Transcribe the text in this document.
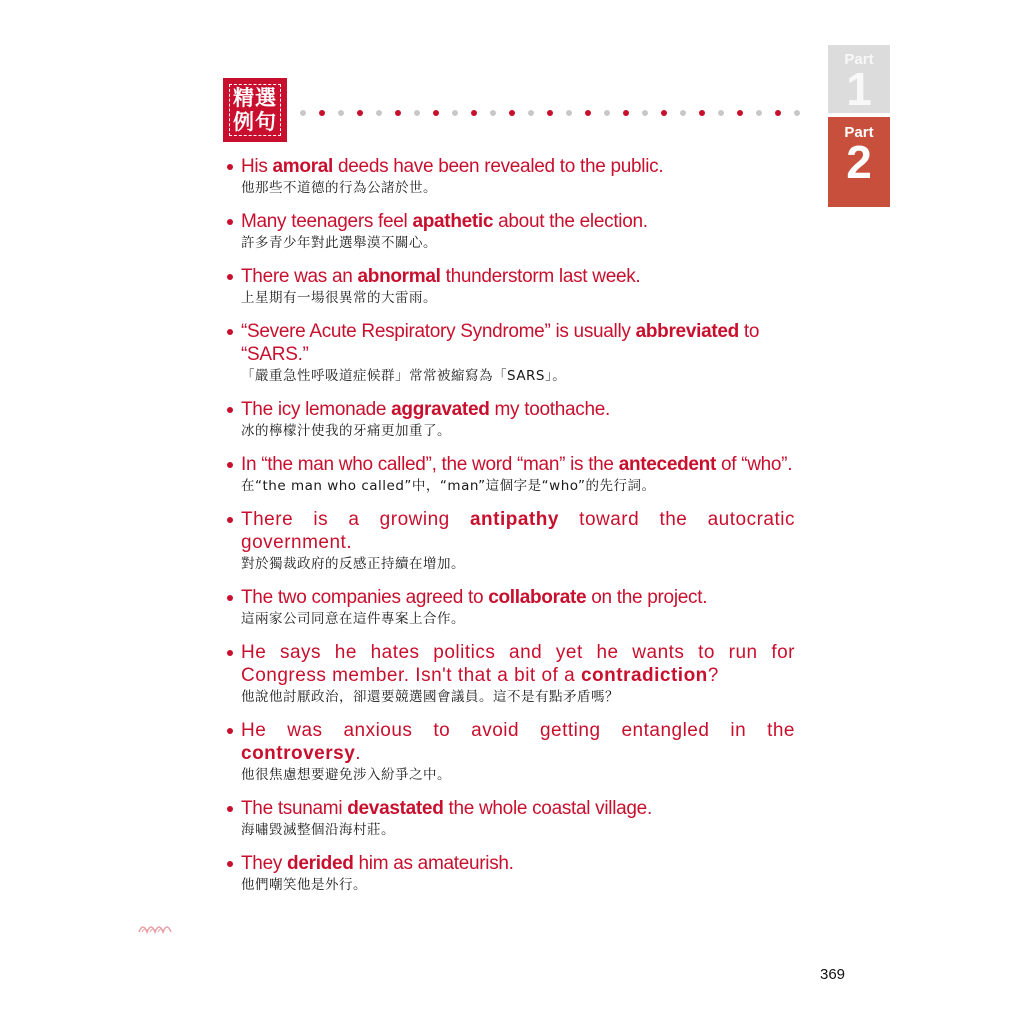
精選
例句
Part
1
Part
2
His amoral deeds have been revealed to the public.
他那些不道德的行為公諸於世。
Many teenagers feel apathetic about the election.
許多青少年對此選舉漠不關心。
There was an abnormal thunderstorm last week.
上星期有一場很異常的大雷雨。
“Severe Acute Respiratory Syndrome” is usually abbreviated to “SARS.”
「嚴重急性呼吸道症候群」常常被縮寫為「SARS」。
The icy lemonade aggravated my toothache.
冰的檸檬汁使我的牙痛更加重了。
In “the man who called”, the word “man” is the antecedent of “who”.
在“the man who called”中，“man”這個字是“who”的先行詞。
There is a growing antipathy toward the autocratic government.
對於獨裁政府的反感正持續在增加。
The two companies agreed to collaborate on the project.
這兩家公司同意在這件專案上合作。
He says he hates politics and yet he wants to run for Congress member. Isn't that a bit of a contradiction?
他說他討厭政治，卻還要競選國會議員。這不是有點矛盾嗎？
He was anxious to avoid getting entangled in the controversy.
他很焦慮想要避免涉入紛爭之中。
The tsunami devastated the whole coastal village.
海嘯毀滅整個沿海村莊。
They derided him as amateurish.
他們嘲笑他是外行。
369
